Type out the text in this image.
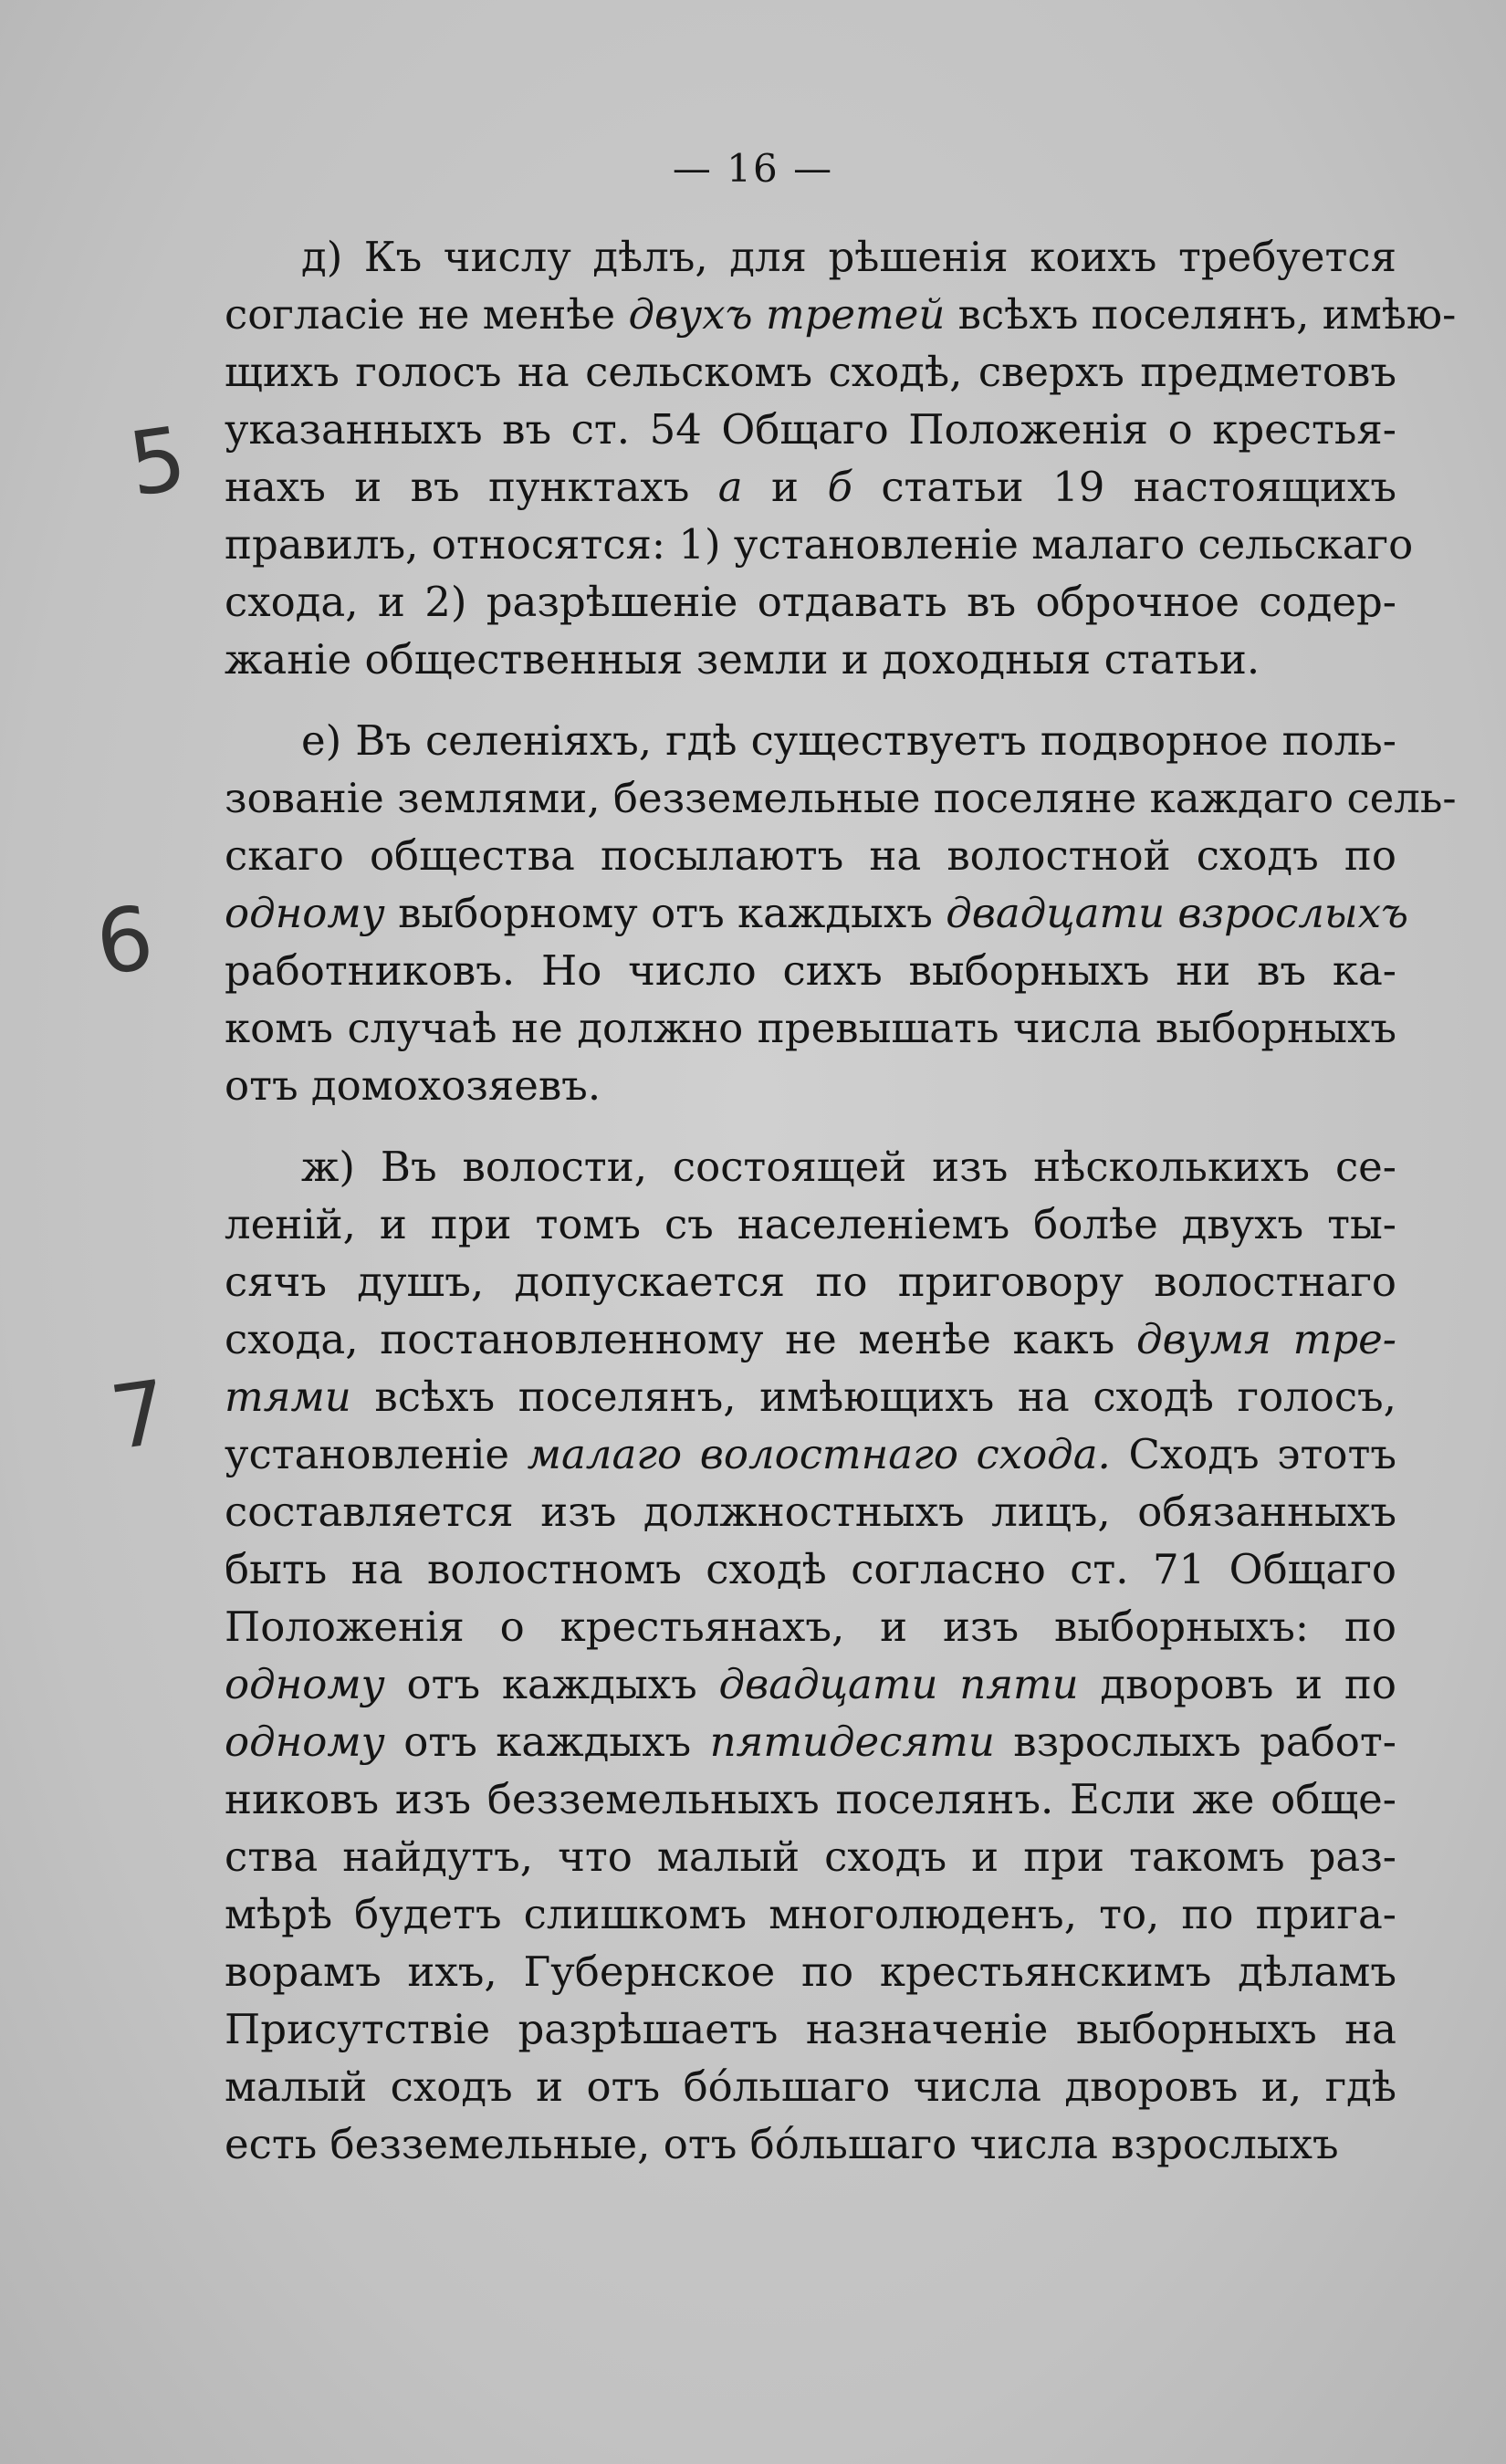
— 16 —
5
6
7
д) Къ числу дѣлъ, для рѣшенія коихъ требуется
согласіе не менѣе двухъ третей всѣхъ поселянъ, имѣю-
щихъ голосъ на сельскомъ сходѣ, сверхъ предметовъ
указанныхъ въ ст. 54 Общаго Положенія о крестья-
нахъ и въ пунктахъ а и б статьи 19 настоящихъ
правилъ, относятся: 1) установленіе малаго сельскаго
схода, и 2) разрѣшеніе отдавать въ оброчное содер-
жаніе общественныя земли и доходныя статьи.
е) Въ селеніяхъ, гдѣ существуетъ подворное поль-
зованіе землями, безземельные поселяне каждаго сель-
скаго общества посылаютъ на волостной сходъ по
одному выборному отъ каждыхъ двадцати взрослыхъ
работниковъ. Но число сихъ выборныхъ ни въ ка-
комъ случаѣ не должно превышать числа выборныхъ
отъ домохозяевъ.
ж) Въ волости, состоящей изъ нѣсколькихъ се-
леній, и при томъ съ населеніемъ болѣе двухъ ты-
сячъ душъ, допускается по приговору волостнаго
схода, постановленному не менѣе какъ двумя тре-
тями всѣхъ поселянъ, имѣющихъ на сходѣ голосъ,
установленіе малаго волостнаго схода. Сходъ этотъ
составляется изъ должностныхъ лицъ, обязанныхъ
быть на волостномъ сходѣ согласно ст. 71 Общаго
Положенія о крестьянахъ, и изъ выборныхъ: по
одному отъ каждыхъ двадцати пяти дворовъ и по
одному отъ каждыхъ пятидесяти взрослыхъ работ-
никовъ изъ безземельныхъ поселянъ. Если же обще-
ства найдутъ, что малый сходъ и при такомъ раз-
мѣрѣ будетъ слишкомъ многолюденъ, то, по прига-
ворамъ ихъ, Губернское по крестьянскимъ дѣламъ
Присутствіе разрѣшаетъ назначеніе выборныхъ на
малый сходъ и отъ бо́льшаго числа дворовъ и, гдѣ
есть безземельные, отъ бо́льшаго числа взрослыхъ
